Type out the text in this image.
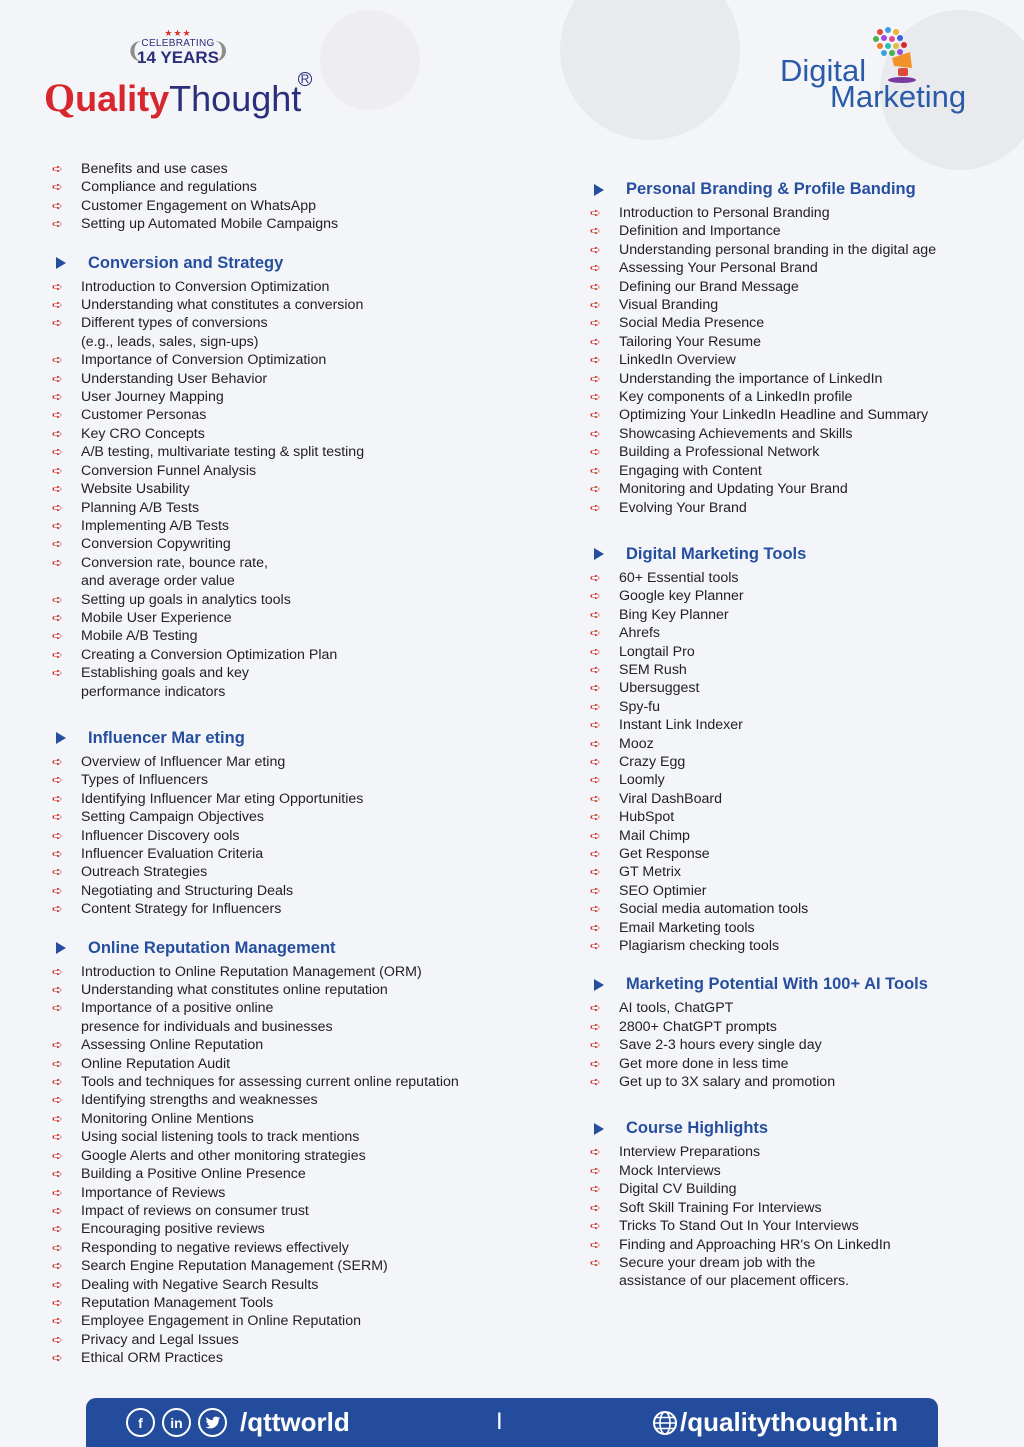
★★★
CELEBRATING
14 YEARS
❨	❩
QualityThought R	Digital
Marketing
➪ Benefits and use cases
➪ Compliance and regulations
➪ Customer Engagement on WhatsApp
➪ Setting up Automated Mobile Campaigns
Conversion and Strategy
➪ Introduction to Conversion Optimization
➪ Understanding what constitutes a conversion
➪ Different types of conversions
(e.g., leads, sales, sign-ups)
➪ Importance of Conversion Optimization
➪ Understanding User Behavior
➪ User Journey Mapping
➪ Customer Personas
➪ Key CRO Concepts
➪ A/B testing, multivariate testing & split testing
➪ Conversion Funnel Analysis
➪ Website Usability
➪ Planning A/B Tests
➪ Implementing A/B Tests
➪ Conversion Copywriting
➪ Conversion rate, bounce rate,
and average order value
➪ Setting up goals in analytics tools
➪ Mobile User Experience
➪ Mobile A/B Testing
➪ Creating a Conversion Optimization Plan
➪ Establishing goals and key
performance indicators
Influencer Mar eting
➪ Overview of Influencer Mar eting
➪ Types of Influencers
➪ Identifying Influencer Mar eting Opportunities
➪ Setting Campaign Objectives
➪ Influencer Discovery ools
➪ Influencer Evaluation Criteria
➪ Outreach Strategies
➪ Negotiating and Structuring Deals
➪ Content Strategy for Influencers
Online Reputation Management
➪ Introduction to Online Reputation Management (ORM)
➪ Understanding what constitutes online reputation
➪ Importance of a positive online
presence for individuals and businesses
➪ Assessing Online Reputation
➪ Online Reputation Audit
➪ Tools and techniques for assessing current online reputation
➪ Identifying strengths and weaknesses
➪ Monitoring Online Mentions
➪ Using social listening tools to track mentions
➪ Google Alerts and other monitoring strategies
➪ Building a Positive Online Presence
➪ Importance of Reviews
➪ Impact of reviews on consumer trust
➪ Encouraging positive reviews
➪ Responding to negative reviews effectively
➪ Search Engine Reputation Management (SERM)
➪ Dealing with Negative Search Results
➪ Reputation Management Tools
➪ Employee Engagement in Online Reputation
➪ Privacy and Legal Issues
➪ Ethical ORM Practices
Personal Branding & Profile Banding
➪ Introduction to Personal Branding
➪ Definition and Importance
➪ Understanding personal branding in the digital age
➪ Assessing Your Personal Brand
➪ Defining our Brand Message
➪ Visual Branding
➪ Social Media Presence
➪ Tailoring Your Resume
➪ LinkedIn Overview
➪ Understanding the importance of LinkedIn
➪ Key components of a LinkedIn profile
➪ Optimizing Your LinkedIn Headline and Summary
➪ Showcasing Achievements and Skills
➪ Building a Professional Network
➪ Engaging with Content
➪ Monitoring and Updating Your Brand
➪ Evolving Your Brand
Digital Marketing Tools
➪ 60+ Essential tools
➪ Google key Planner
➪ Bing Key Planner
➪ Ahrefs
➪ Longtail Pro
➪ SEM Rush
➪ Ubersuggest
➪ Spy-fu
➪ Instant Link Indexer
➪ Mooz
➪ Crazy Egg
➪ Loomly
➪ Viral DashBoard
➪ HubSpot
➪ Mail Chimp
➪ Get Response
➪ GT Metrix
➪ SEO Optimier
➪ Social media automation tools
➪ Email Marketing tools
➪ Plagiarism checking tools
Marketing Potential With 100+ AI Tools
➪ AI tools, ChatGPT
➪ 2800+ ChatGPT prompts
➪ Save 2-3 hours every single day
➪ Get more done in less time
➪ Get up to 3X salary and promotion
Course Highlights
➪ Interview Preparations
➪ Mock Interviews
➪ Digital CV Building
➪ Soft Skill Training For Interviews
➪ Tricks To Stand Out In Your Interviews
➪ Finding and Approaching HR's On LinkedIn
➪ Secure your dream job with the
assistance of our placement officers.
f	in	/qttworld	I	/qualitythought.in
